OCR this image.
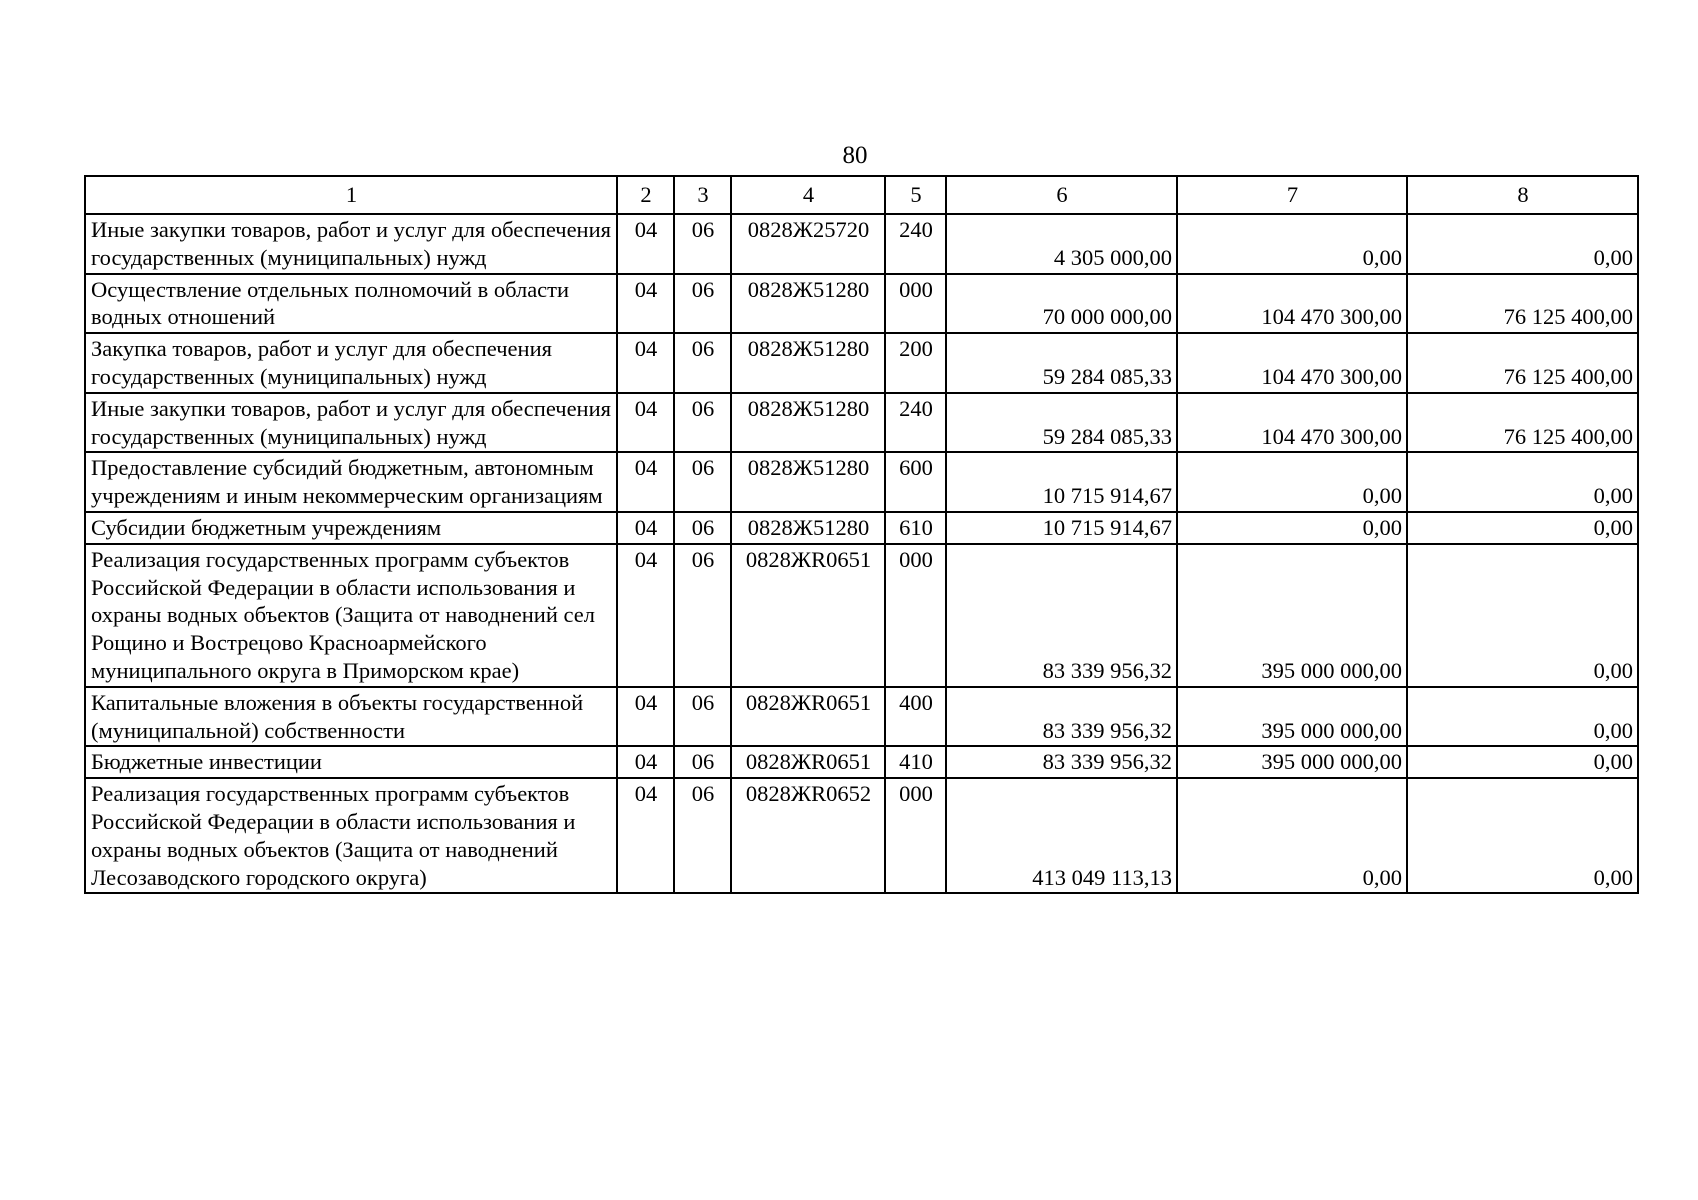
80
1	2	3	4	5	6	7	8
Иные закупки товаров, работ и услуг для обеспечения государственных (муниципальных) нужд	04	06	0828Ж25720	240	4 305 000,00	0,00	0,00
Осуществление отдельных полномочий в области водных отношений	04	06	0828Ж51280	000	70 000 000,00	104 470 300,00	76 125 400,00
Закупка товаров, работ и услуг для обеспечения государственных (муниципальных) нужд	04	06	0828Ж51280	200	59 284 085,33	104 470 300,00	76 125 400,00
Иные закупки товаров, работ и услуг для обеспечения государственных (муниципальных) нужд	04	06	0828Ж51280	240	59 284 085,33	104 470 300,00	76 125 400,00
Предоставление субсидий бюджетным, автономным учреждениям и иным некоммерческим организациям	04	06	0828Ж51280	600	10 715 914,67	0,00	0,00
Субсидии бюджетным учреждениям	04	06	0828Ж51280	610	10 715 914,67	0,00	0,00
Реализация государственных программ субъектов Российской Федерации в области использования и охраны водных объектов (Защита от наводнений сел Рощино и Вострецово Красноармейского муниципального округа в Приморском крае)	04	06	0828ЖR0651	000	83 339 956,32	395 000 000,00	0,00
Капитальные вложения в объекты государственной (муниципальной) собственности	04	06	0828ЖR0651	400	83 339 956,32	395 000 000,00	0,00
Бюджетные инвестиции	04	06	0828ЖR0651	410	83 339 956,32	395 000 000,00	0,00
Реализация государственных программ субъектов Российской Федерации в области использования и охраны водных объектов (Защита от наводнений Лесозаводского городского округа)	04	06	0828ЖR0652	000	413 049 113,13	0,00	0,00
